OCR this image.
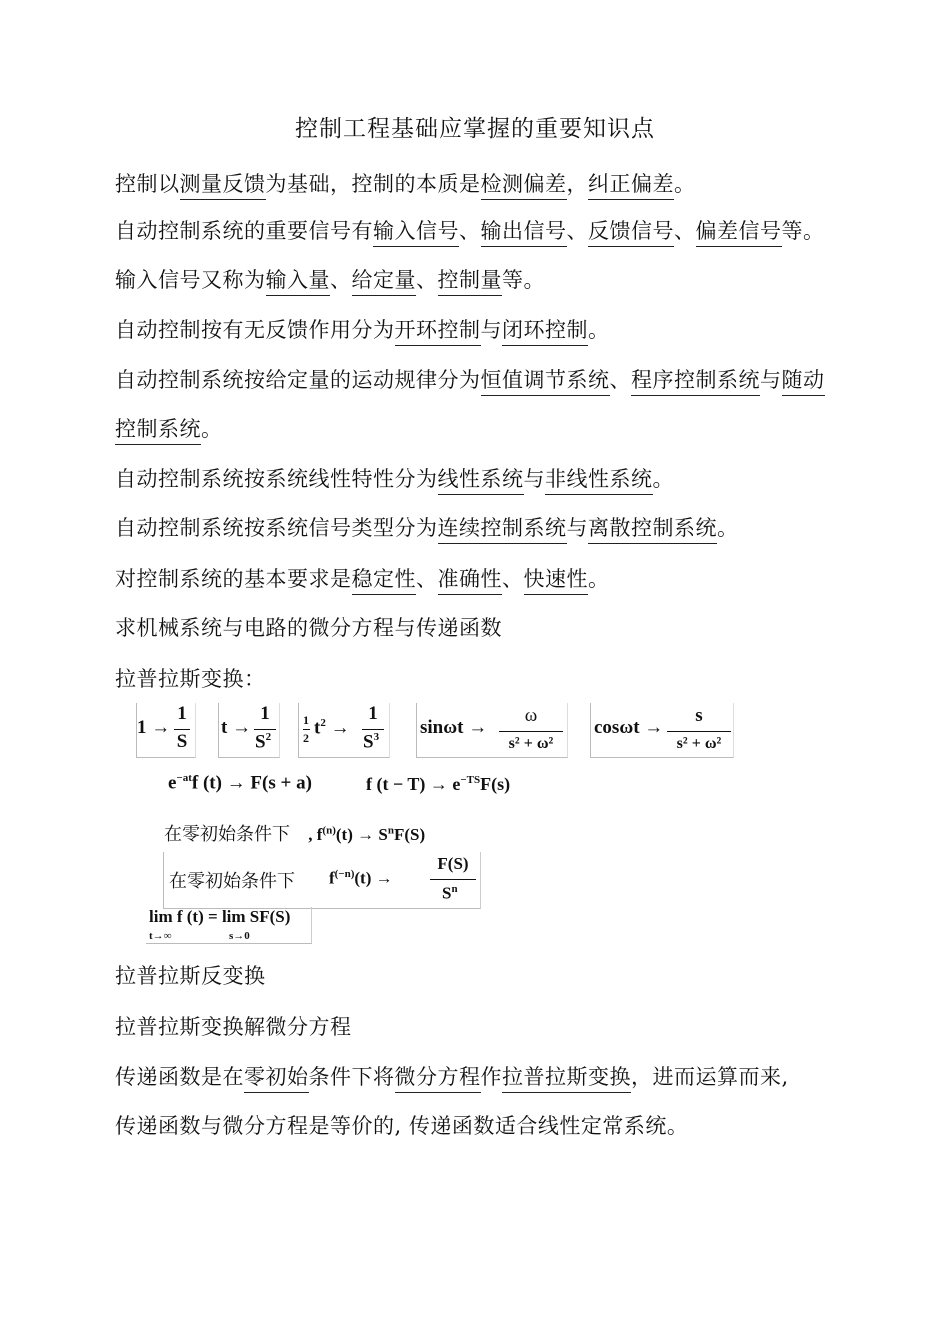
控制工程基础应掌握的重要知识点
控制以测量反馈为基础，控制的本质是检测偏差，纠正偏差。
自动控制系统的重要信号有输入信号、输出信号、反馈信号、偏差信号等。
输入信号又称为输入量、给定量、控制量等。
自动控制按有无反馈作用分为开环控制与闭环控制。
自动控制系统按给定量的运动规律分为恒值调节系统、程序控制系统与随动
控制系统。
自动控制系统按系统线性特性分为线性系统与非线性系统。
自动控制系统按系统信号类型分为连续控制系统与离散控制系统。
对控制系统的基本要求是稳定性、准确性、快速性。
求机械系统与电路的微分方程与传递函数
拉普拉斯变换：
1 →
1
S
t →
1
$S^2$
1
2 $t^2$ →
1
$S^3$ sinωt →
ω
s² + ω²
cosωt →
s
s² + ω²
$e^{-at}f$ (t) → F(s + a)	f $(t - T) \to e^{-TS}F(s)$
在零初始条件下 , $f^{(n)}(t) \to S^nF(S)$
在零初始条件下 $f^{(-n)}(t)$ →
F(S)
$S^n$
lim f (t) = lim SF(S)
t→∞	s→0
拉普拉斯反变换
拉普拉斯变换解微分方程
传递函数是在零初始条件下将微分方程作拉普拉斯变换，进而运算而来,
传递函数与微分方程是等价的, 传递函数适合线性定常系统。
